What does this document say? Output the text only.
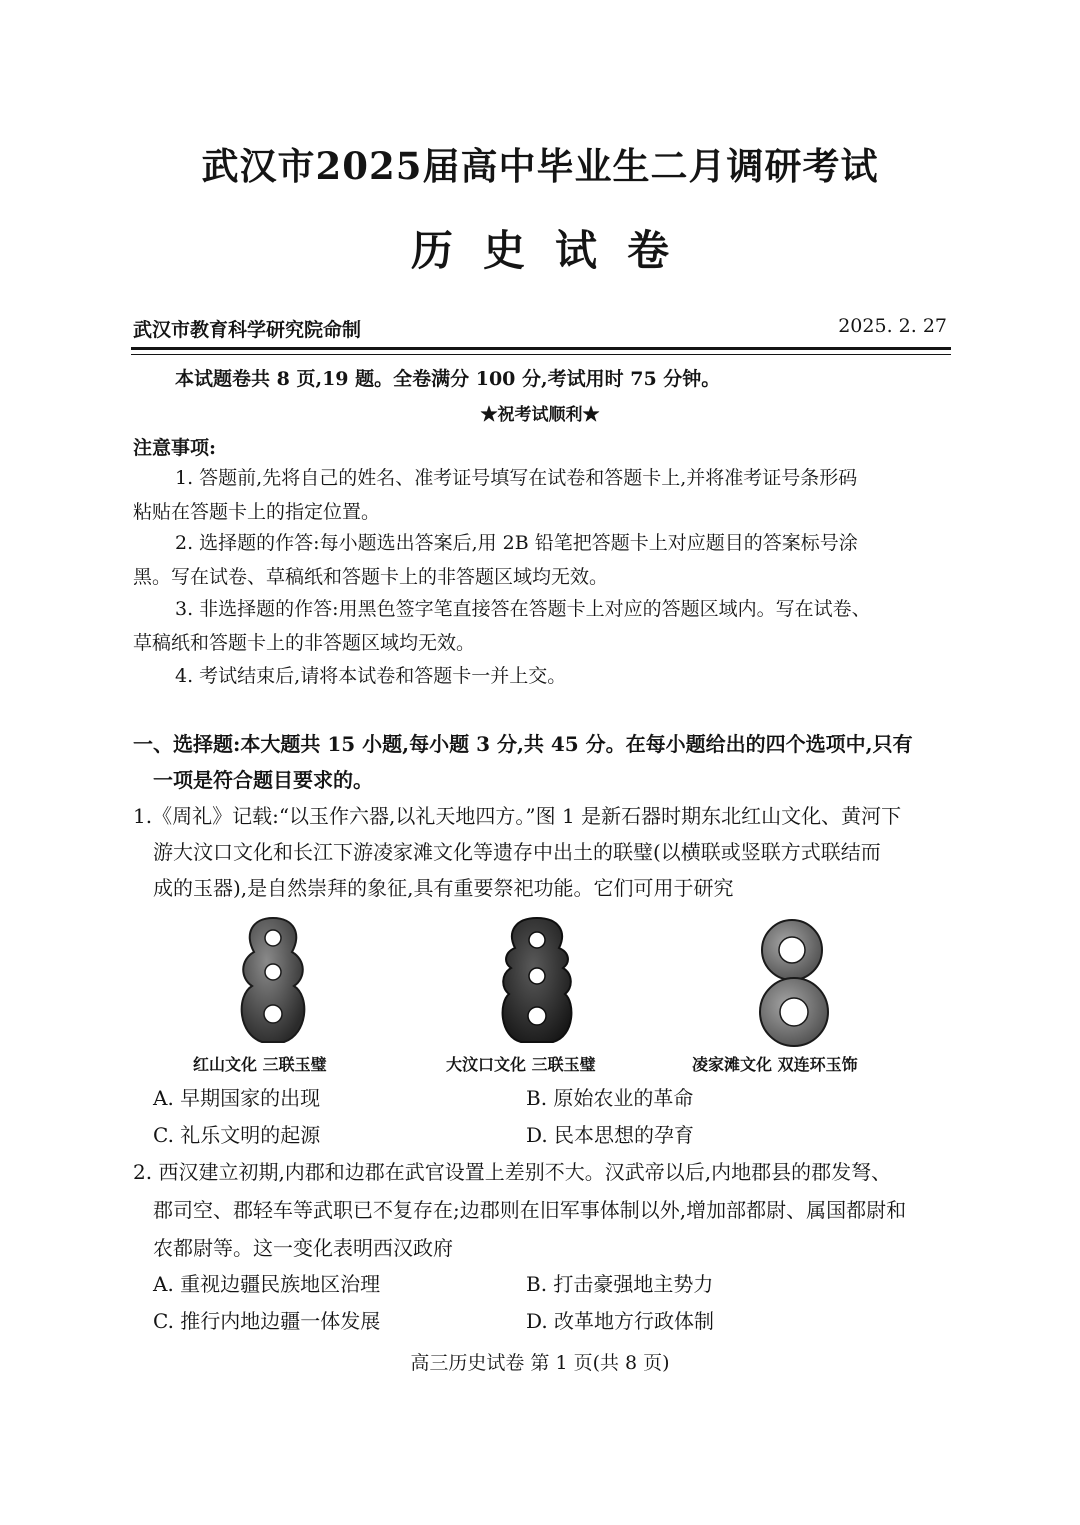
武汉市2025届高中毕业生二月调研考试
历史试卷
武汉市教育科学研究院命制	2025. 2. 27
本试题卷共 8 页,19 题。全卷满分 100 分,考试用时 75 分钟。
★祝考试顺利★
注意事项:
1. 答题前,先将自己的姓名、准考证号填写在试卷和答题卡上,并将准考证号条形码
粘贴在答题卡上的指定位置。
2. 选择题的作答:每小题选出答案后,用 2B 铅笔把答题卡上对应题目的答案标号涂
黑。写在试卷、草稿纸和答题卡上的非答题区域均无效。
3. 非选择题的作答:用黑色签字笔直接答在答题卡上对应的答题区域内。写在试卷、
草稿纸和答题卡上的非答题区域均无效。
4. 考试结束后,请将本试卷和答题卡一并上交。
一、选择题:本大题共 15 小题,每小题 3 分,共 45 分。在每小题给出的四个选项中,只有
一项是符合题目要求的。
1.《周礼》记载:“以玉作六器,以礼天地四方。”图 1 是新石器时期东北红山文化、黄河下
游大汶口文化和长江下游凌家滩文化等遗存中出土的联璧(以横联或竖联方式联结而
成的玉器),是自然崇拜的象征,具有重要祭祀功能。它们可用于研究
红山文化 三联玉璧	大汶口文化 三联玉璧	凌家滩文化 双连环玉饰
A. 早期国家的出现	B. 原始农业的革命
C. 礼乐文明的起源	D. 民本思想的孕育
2. 西汉建立初期,内郡和边郡在武官设置上差别不大。汉武帝以后,内地郡县的郡发弩、
郡司空、郡轻车等武职已不复存在;边郡则在旧军事体制以外,增加部都尉、属国都尉和
农都尉等。这一变化表明西汉政府
A. 重视边疆民族地区治理	B. 打击豪强地主势力
C. 推行内地边疆一体发展	D. 改革地方行政体制
高三历史试卷 第 1 页(共 8 页)
